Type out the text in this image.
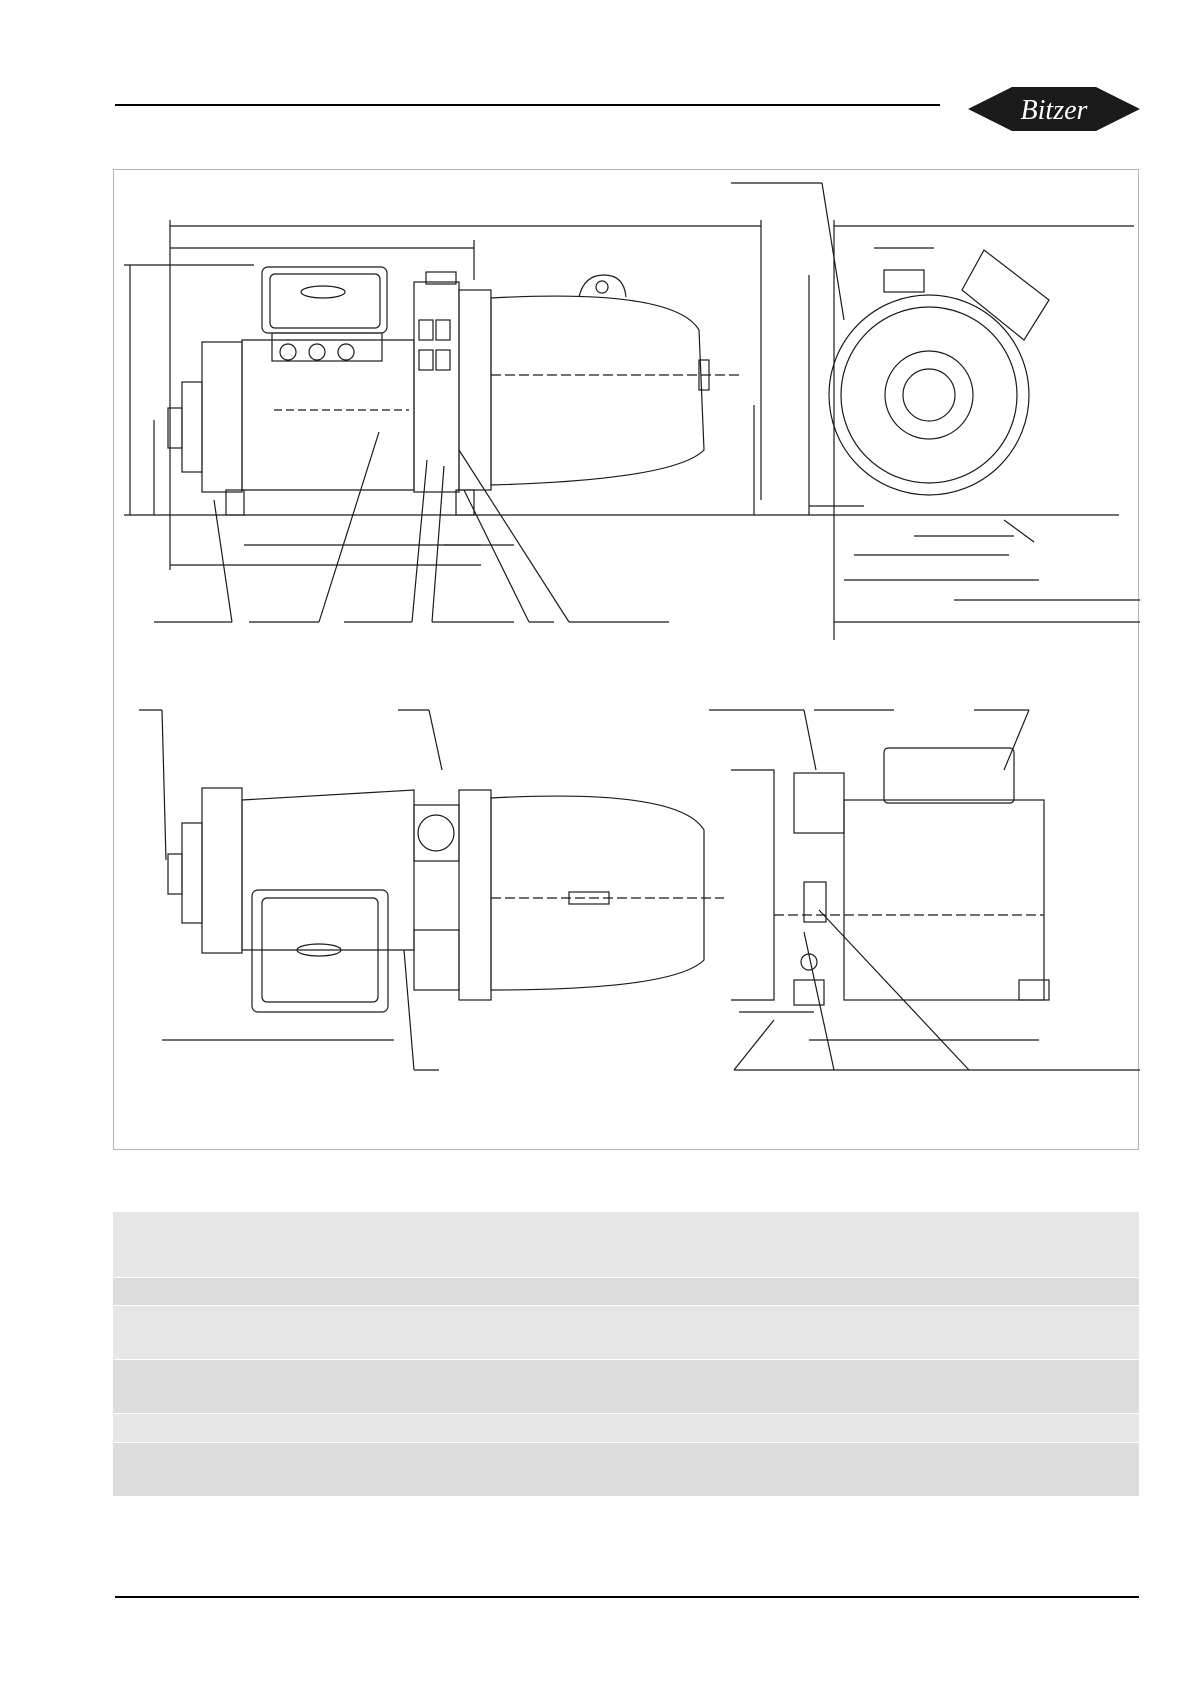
Bitzer
